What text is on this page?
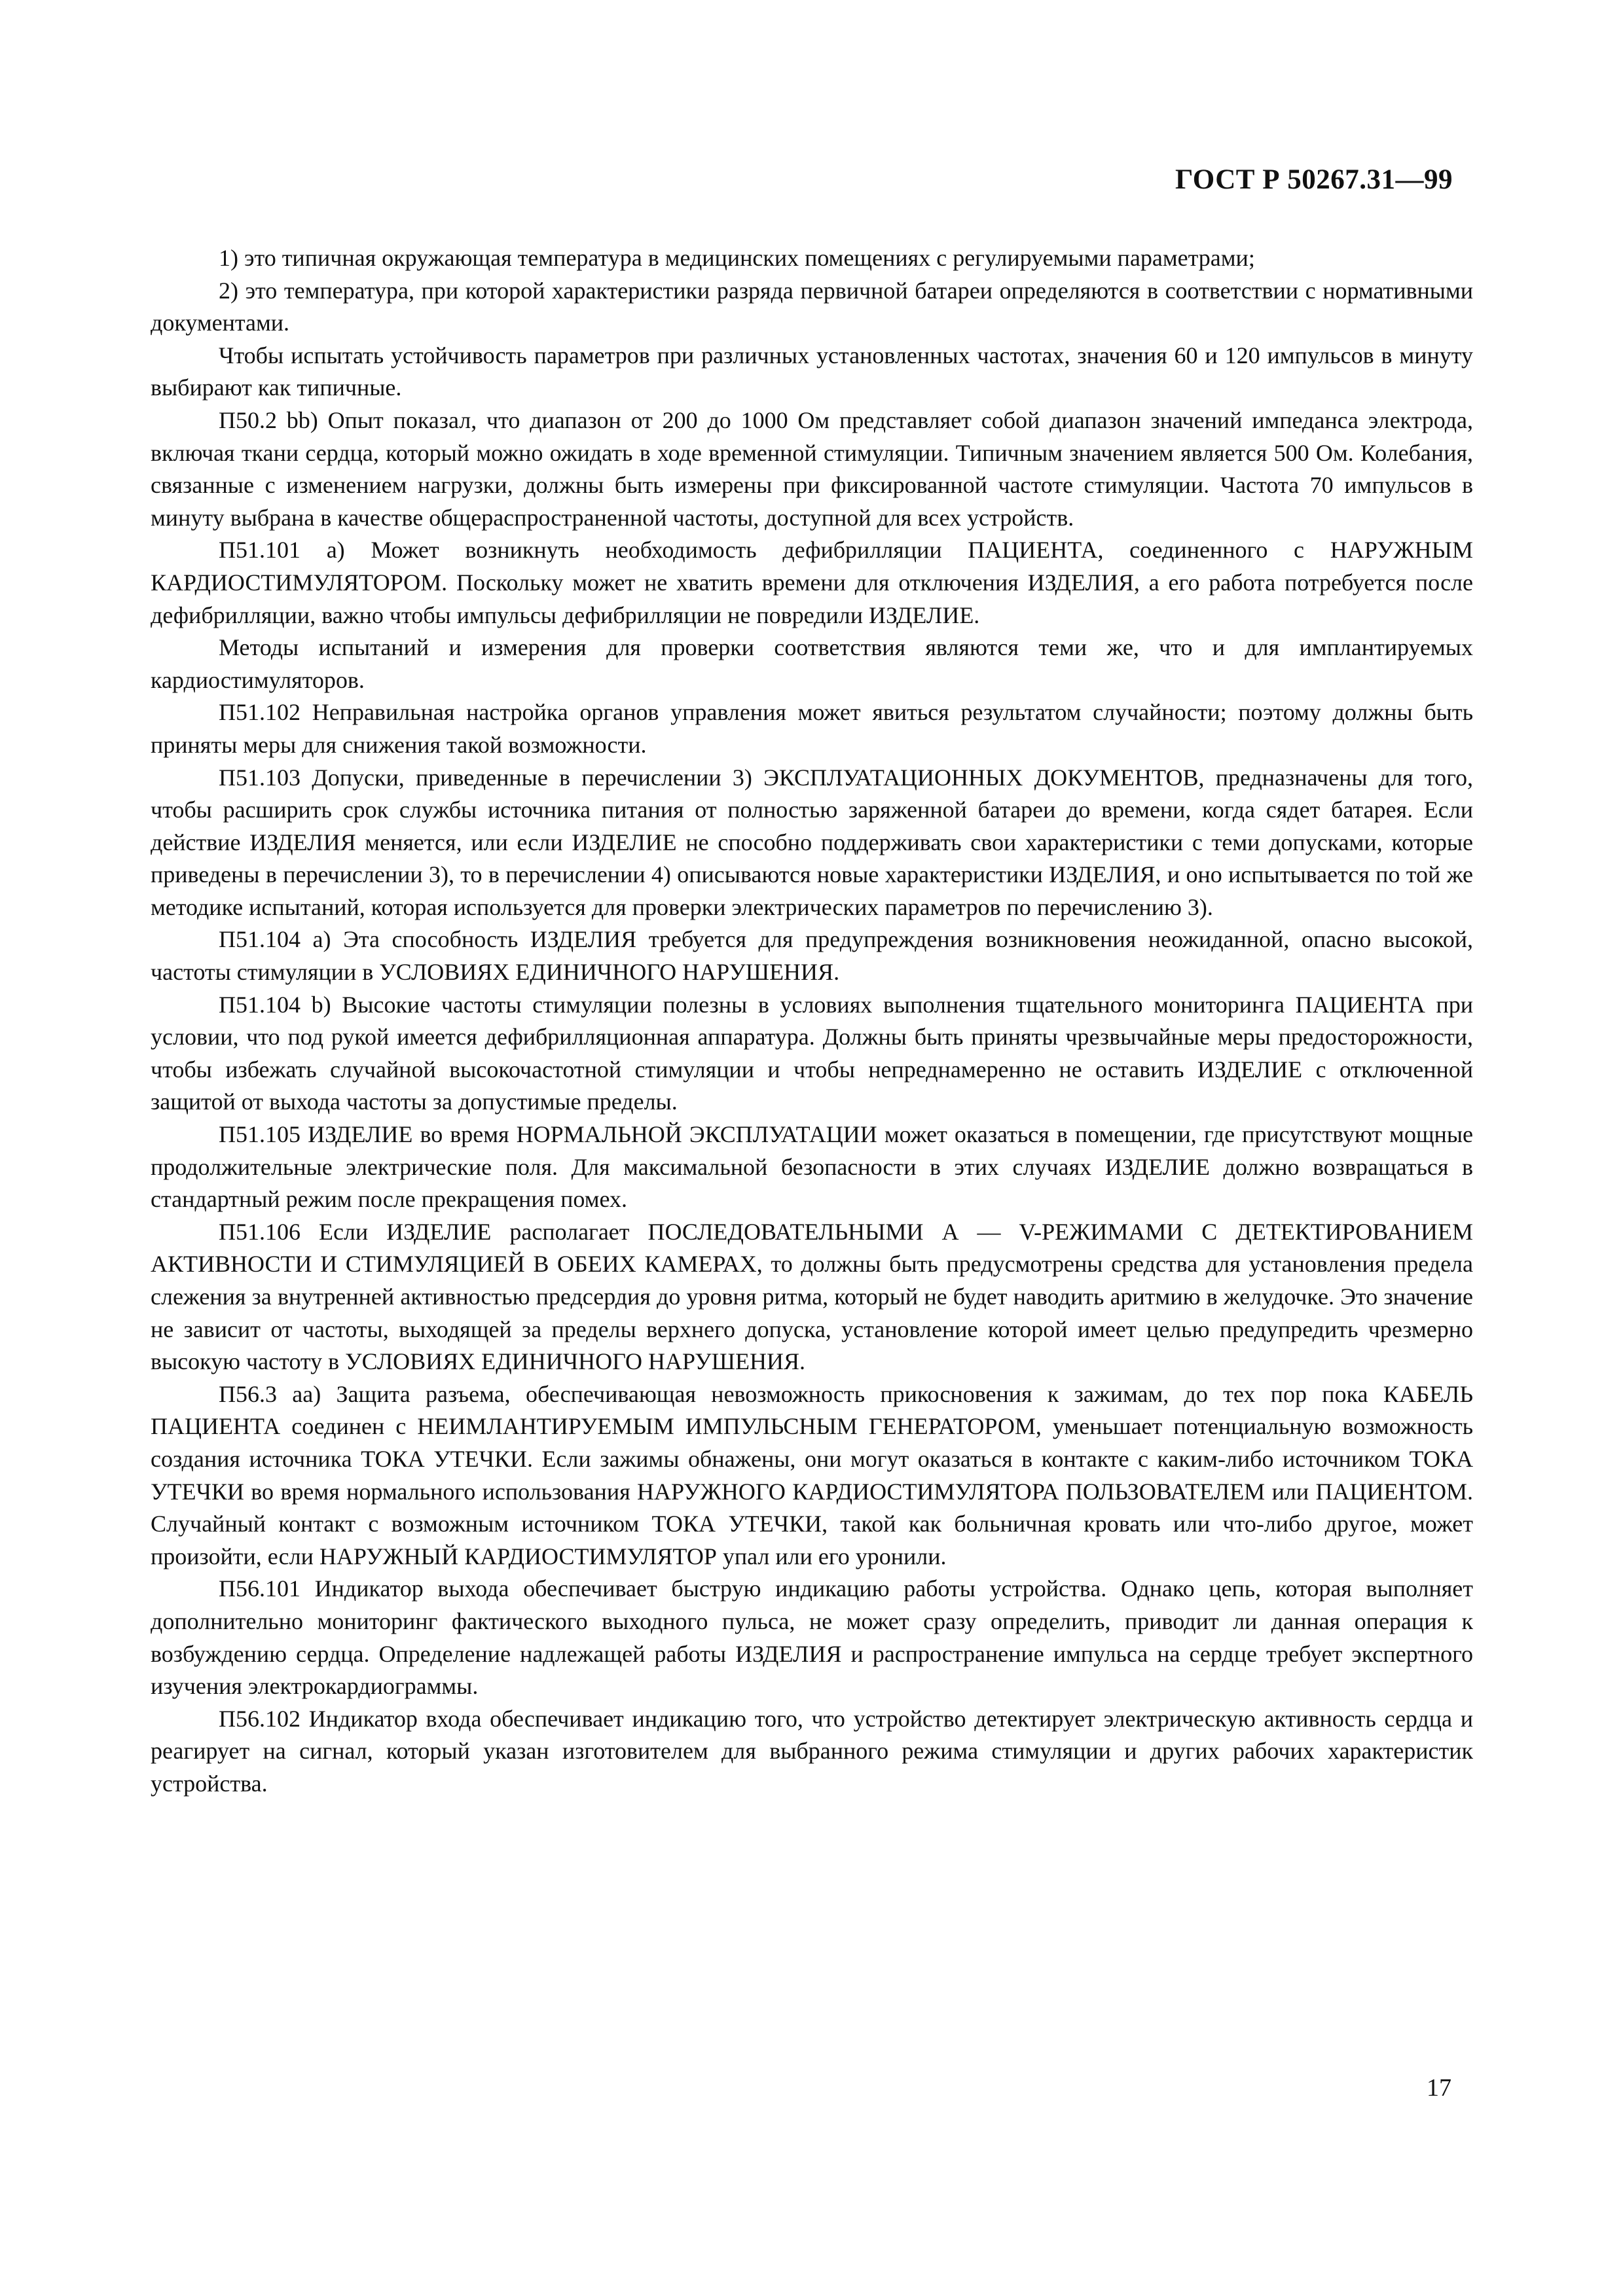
ГОСТ Р 50267.31—99

1) это типичная окружающая температура в медицинских помещениях с регулируемыми параметрами;

2) это температура, при которой характеристики разряда первичной батареи определяются в соответствии с нормативными документами.

Чтобы испытать устойчивость параметров при различных установленных частотах, значения 60 и 120 импульсов в минуту выбирают как типичные.

П50.2 bb) Опыт показал, что диапазон от 200 до 1000 Ом представляет собой диапазон значений импеданса электрода, включая ткани сердца, который можно ожидать в ходе временной стимуляции. Типичным значением является 500 Ом. Колебания, связанные с изменением нагрузки, должны быть измерены при фиксированной частоте стимуляции. Частота 70 импульсов в минуту выбрана в качестве общераспространенной частоты, доступной для всех устройств.

П51.101 а) Может возникнуть необходимость дефибрилляции ПАЦИЕНТА, соединенного с НАРУЖНЫМ КАРДИОСТИМУЛЯТОРОМ. Поскольку может не хватить времени для отключения ИЗДЕЛИЯ, а его работа потребуется после дефибрилляции, важно чтобы импульсы дефибрилляции не повредили ИЗДЕЛИЕ.

Методы испытаний и измерения для проверки соответствия являются теми же, что и для имплантируемых кардиостимуляторов.

П51.102 Неправильная настройка органов управления может явиться результатом случайности; поэтому должны быть приняты меры для снижения такой возможности.

П51.103 Допуски, приведенные в перечислении 3) ЭКСПЛУАТАЦИОННЫХ ДОКУМЕНТОВ, предназначены для того, чтобы расширить срок службы источника питания от полностью заряженной батареи до времени, когда сядет батарея. Если действие ИЗДЕЛИЯ меняется, или если ИЗДЕЛИЕ не способно поддерживать свои характеристики с теми допусками, которые приведены в перечислении 3), то в перечислении 4) описываются новые характеристики ИЗДЕЛИЯ, и оно испытывается по той же методике испытаний, которая используется для проверки электрических параметров по перечислению 3).

П51.104 а) Эта способность ИЗДЕЛИЯ требуется для предупреждения возникновения неожиданной, опасно высокой, частоты стимуляции в УСЛОВИЯХ ЕДИНИЧНОГО НАРУШЕНИЯ.

П51.104 b) Высокие частоты стимуляции полезны в условиях выполнения тщательного мониторинга ПАЦИЕНТА при условии, что под рукой имеется дефибрилляционная аппаратура. Должны быть приняты чрезвычайные меры предосторожности, чтобы избежать случайной высокочастотной стимуляции и чтобы непреднамеренно не оставить ИЗДЕЛИЕ с отключенной защитой от выхода частоты за допустимые пределы.

П51.105 ИЗДЕЛИЕ во время НОРМАЛЬНОЙ ЭКСПЛУАТАЦИИ может оказаться в помещении, где присутствуют мощные продолжительные электрические поля. Для максимальной безопасности в этих случаях ИЗДЕЛИЕ должно возвращаться в стандартный режим после прекращения помех.

П51.106 Если ИЗДЕЛИЕ располагает ПОСЛЕДОВАТЕЛЬНЫМИ А — V-РЕЖИМАМИ С ДЕТЕКТИРОВАНИЕМ АКТИВНОСТИ И СТИМУЛЯЦИЕЙ В ОБЕИХ КАМЕРАХ, то должны быть предусмотрены средства для установления предела слежения за внутренней активностью предсердия до уровня ритма, который не будет наводить аритмию в желудочке. Это значение не зависит от частоты, выходящей за пределы верхнего допуска, установление которой имеет целью предупредить чрезмерно высокую частоту в УСЛОВИЯХ ЕДИНИЧНОГО НАРУШЕНИЯ.

П56.3 аа) Защита разъема, обеспечивающая невозможность прикосновения к зажимам, до тех пор пока КАБЕЛЬ ПАЦИЕНТА соединен с НЕИМЛАНТИРУЕМЫМ ИМПУЛЬСНЫМ ГЕНЕРАТОРОМ, уменьшает потенциальную возможность создания источника ТОКА УТЕЧКИ. Если зажимы обнажены, они могут оказаться в контакте с каким-либо источником ТОКА УТЕЧКИ во время нормального использования НАРУЖНОГО КАРДИОСТИМУЛЯТОРА ПОЛЬЗОВАТЕЛЕМ или ПАЦИЕНТОМ. Случайный контакт с возможным источником ТОКА УТЕЧКИ, такой как больничная кровать или что-либо другое, может произойти, если НАРУЖНЫЙ КАРДИОСТИМУЛЯТОР упал или его уронили.

П56.101 Индикатор выхода обеспечивает быструю индикацию работы устройства. Однако цепь, которая выполняет дополнительно мониторинг фактического выходного пульса, не может сразу определить, приводит ли данная операция к возбуждению сердца. Определение надлежащей работы ИЗДЕЛИЯ и распространение импульса на сердце требует экспертного изучения электрокардиограммы.

П56.102 Индикатор входа обеспечивает индикацию того, что устройство детектирует электрическую активность сердца и реагирует на сигнал, который указан изготовителем для выбранного режима стимуляции и других рабочих характеристик устройства.

17
